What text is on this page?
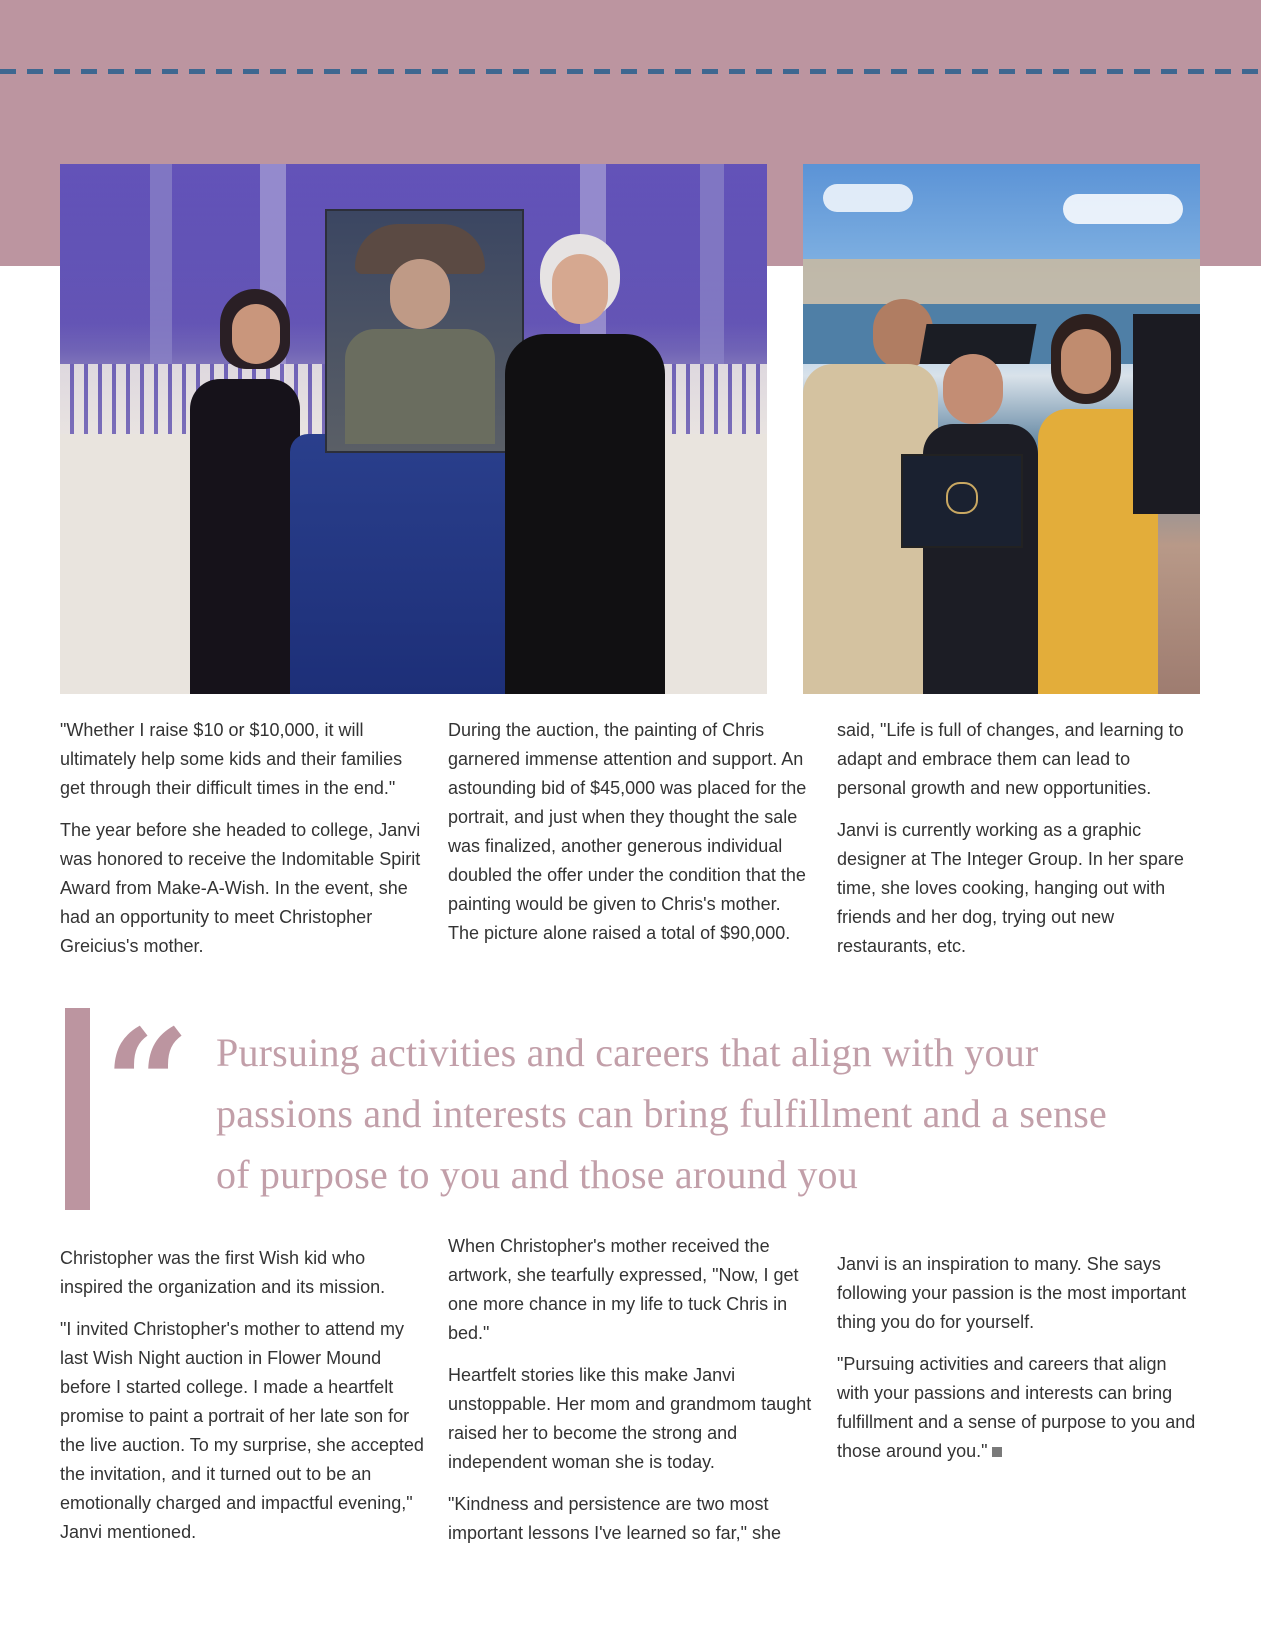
"Whether I raise $10 or $10,000, it will ultimately help some kids and their families get through their difficult times in the end."

The year before she headed to college, Janvi was honored to receive the Indomitable Spirit Award from Make-A-Wish. In the event, she had an opportunity to meet Christopher Greicius's mother.

During the auction, the painting of Chris garnered immense attention and support. An astounding bid of $45,000 was placed for the portrait, and just when they thought the sale was finalized, another generous individual doubled the offer under the condition that the painting would be given to Chris's mother. The picture alone raised a total of $90,000.

said, "Life is full of changes, and learning to adapt and embrace them can lead to personal growth and new opportunities.

Janvi is currently working as a graphic designer at The Integer Group. In her spare time, she loves cooking, hanging out with friends and her dog, trying out new restaurants, etc.

“ Pursuing activities and careers that align with your passions and interests can bring fulfillment and a sense of purpose to you and those around you

Christopher was the first Wish kid who inspired the organization and its mission.

"I invited Christopher's mother to attend my last Wish Night auction in Flower Mound before I started college. I made a heartfelt promise to paint a portrait of her late son for the live auction. To my surprise, she accepted the invitation, and it turned out to be an emotionally charged and impactful evening," Janvi mentioned.

When Christopher's mother received the artwork, she tearfully expressed, "Now, I get one more chance in my life to tuck Chris in bed."

Heartfelt stories like this make Janvi unstoppable. Her mom and grandmom taught raised her to become the strong and independent woman she is today.

"Kindness and persistence are two most important lessons I've learned so far," she

Janvi is an inspiration to many. She says following your passion is the most important thing you do for yourself.

"Pursuing activities and careers that align with your passions and interests can bring fulfillment and a sense of purpose to you and those around you."
